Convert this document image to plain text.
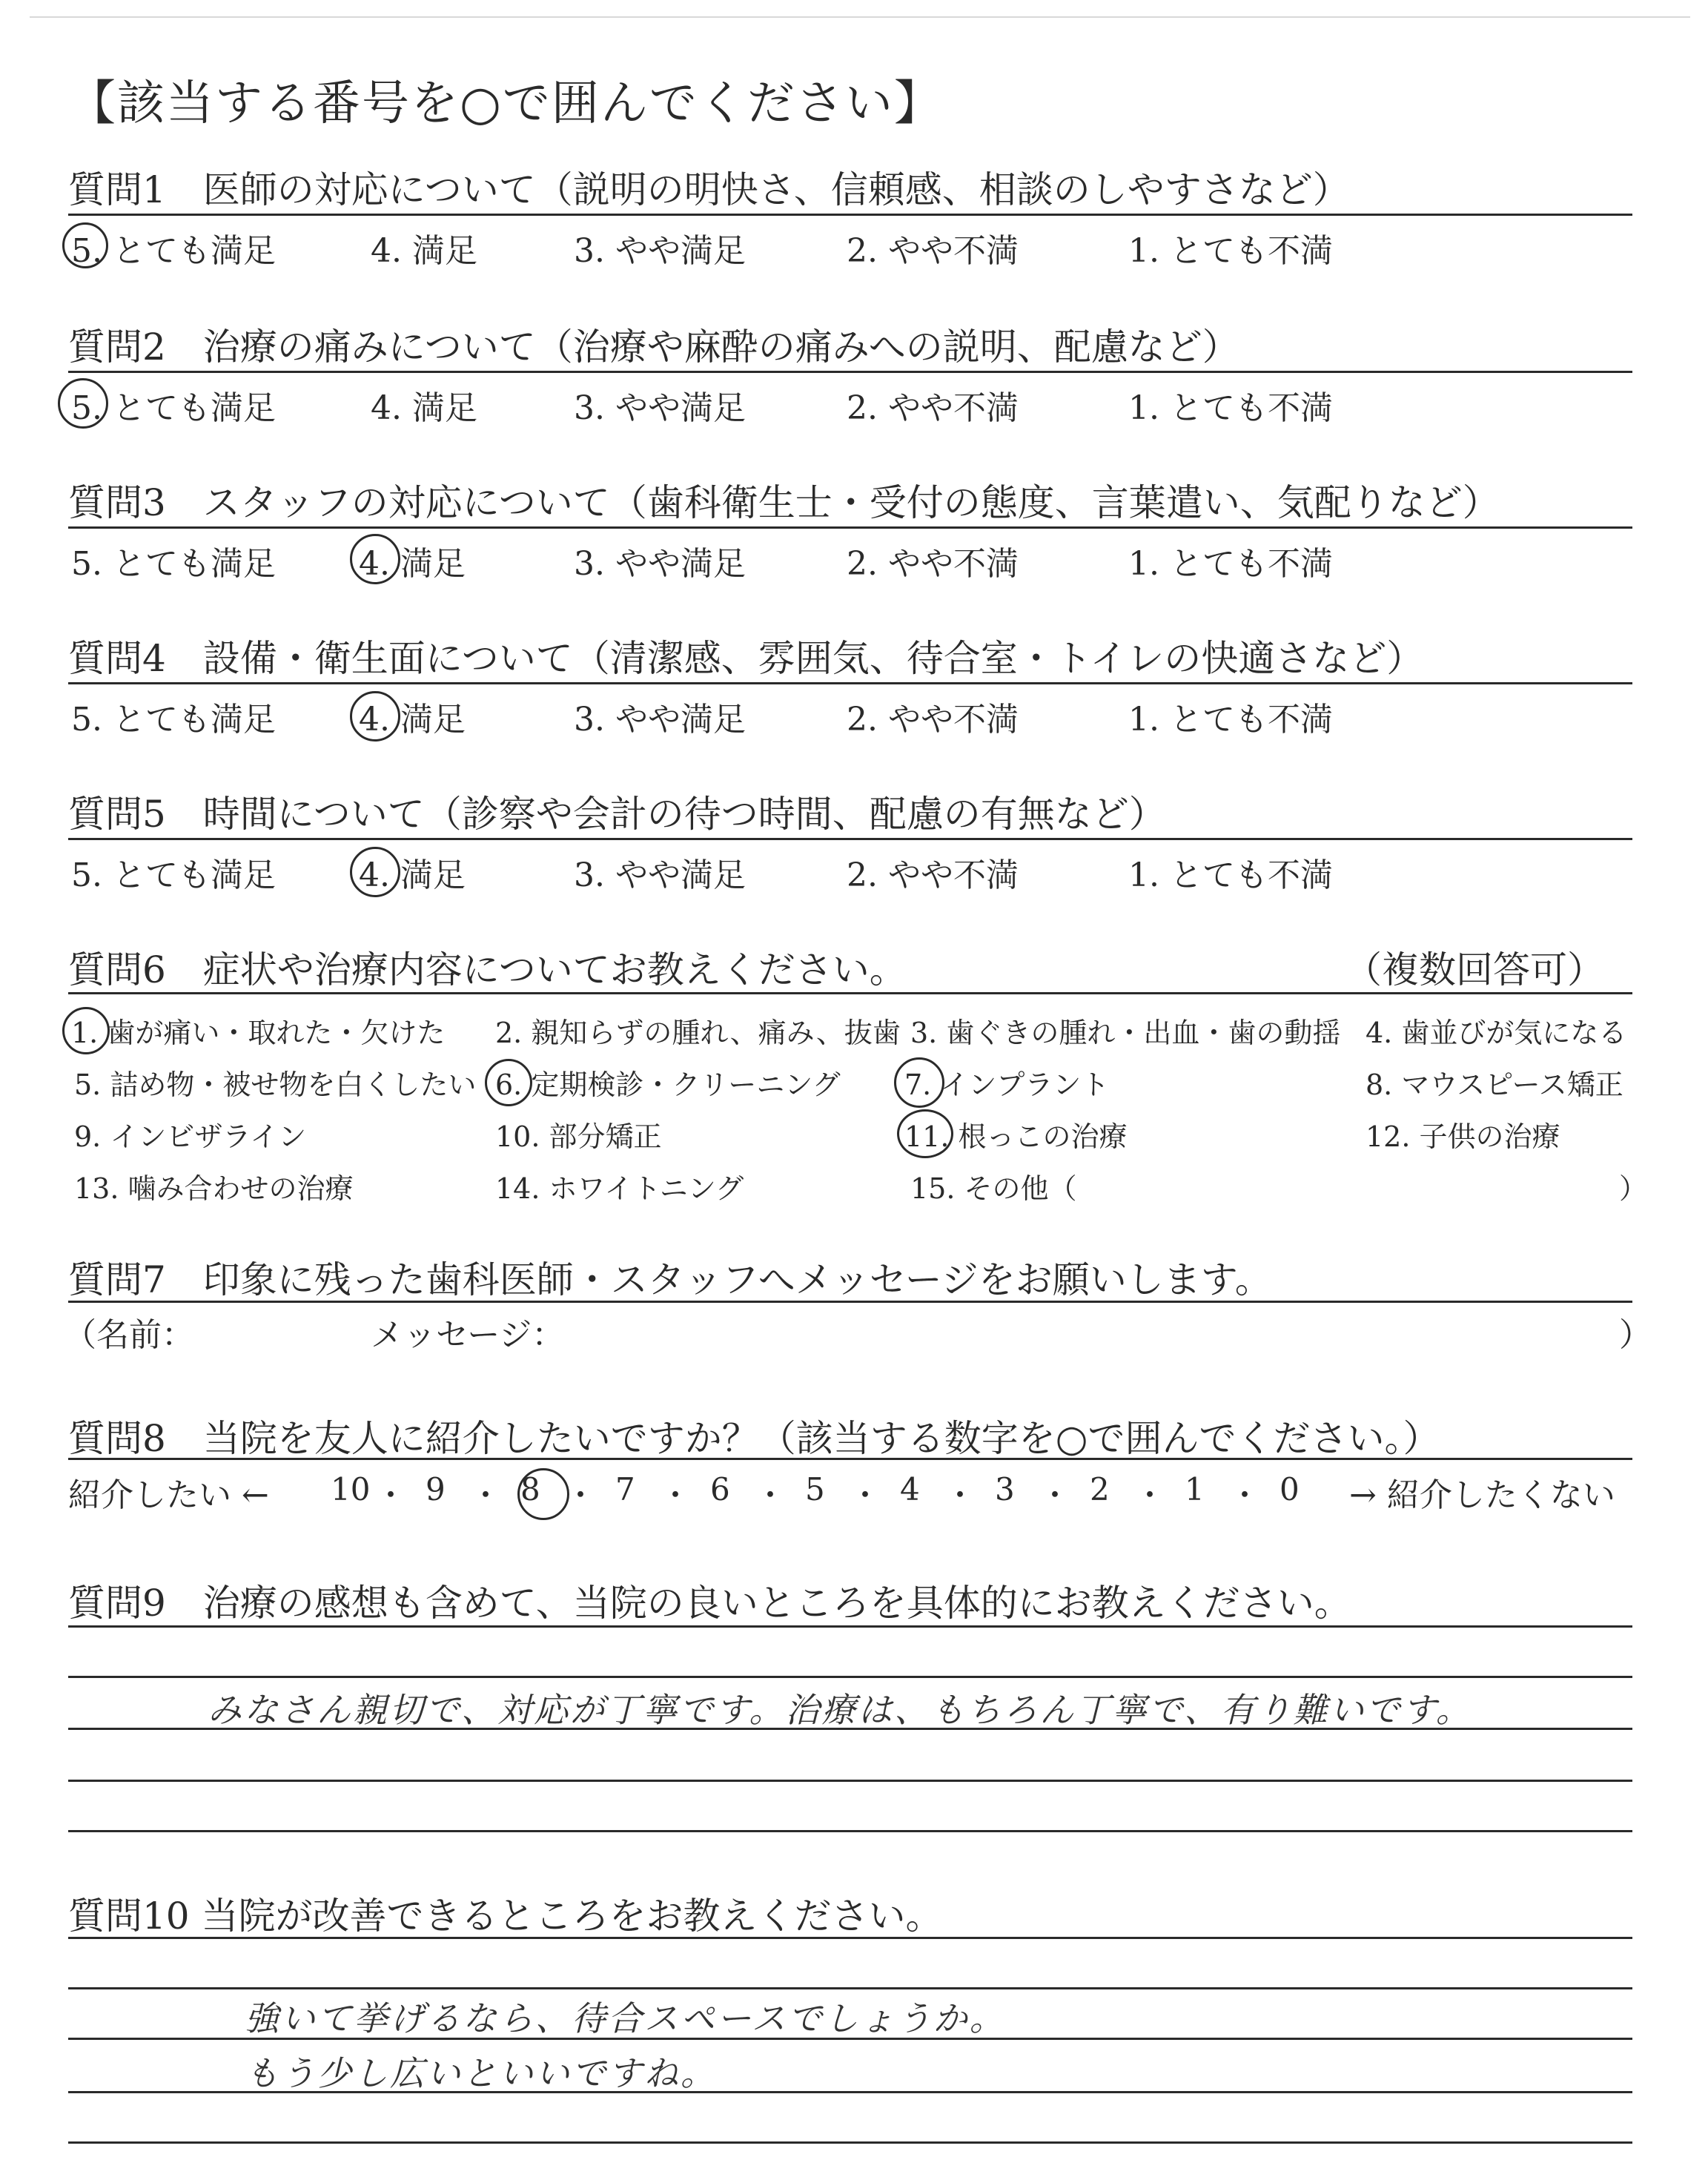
【該当する番号を○で囲んでください】
質問1　医師の対応について（説明の明快さ、信頼感、相談のしやすさなど）
5. とても満足	4. 満足	3. やや満足	2. やや不満	1. とても不満
質問2　治療の痛みについて（治療や麻酔の痛みへの説明、配慮など）
5. とても満足	4. 満足	3. やや満足	2. やや不満	1. とても不満
質問3　スタッフの対応について（歯科衛生士・受付の態度、言葉遣い、気配りなど）
5. とても満足	4. 満足	3. やや満足	2. やや不満	1. とても不満
質問4　設備・衛生面について（清潔感、雰囲気、待合室・トイレの快適さなど）
5. とても満足	4. 満足	3. やや満足	2. やや不満	1. とても不満
質問5　時間について（診察や会計の待つ時間、配慮の有無など）
5. とても満足	4. 満足	3. やや満足	2. やや不満	1. とても不満
質問6　症状や治療内容についてお教えください。	（複数回答可）
1. 歯が痛い・取れた・欠けた 2. 親知らずの腫れ、痛み、抜歯 3. 歯ぐきの腫れ・出血・歯の動揺 4. 歯並びが気になる
5. 詰め物・被せ物を白くしたい 6. 定期検診・クリーニング 7. インプラント	8. マウスピース矯正
9. インビザライン	10. 部分矯正	11. 根っこの治療	12. 子供の治療
13. 噛み合わせの治療	14. ホワイトニング	15. その他（	）
質問7　印象に残った歯科医師・スタッフへメッセージをお願いします。
（名前：	メッセージ：	）
質問8　当院を友人に紹介したいですか？（該当する数字を○で囲んでください。）
紹介したい ← 10 ・ 9 ・ 8 ・ 7 ・ 6 ・ 5 ・ 4 ・ 3 ・ 2 ・ 1 ・ 0 → 紹介したくない
質問9　治療の感想も含めて、当院の良いところを具体的にお教えください。
みなさん親切で、対応が丁寧です。治療は、もちろん丁寧で、有り難いです。
質問10 当院が改善できるところをお教えください。
強いて挙げるなら、待合スペースでしょうか。
もう少し広いといいですね。
